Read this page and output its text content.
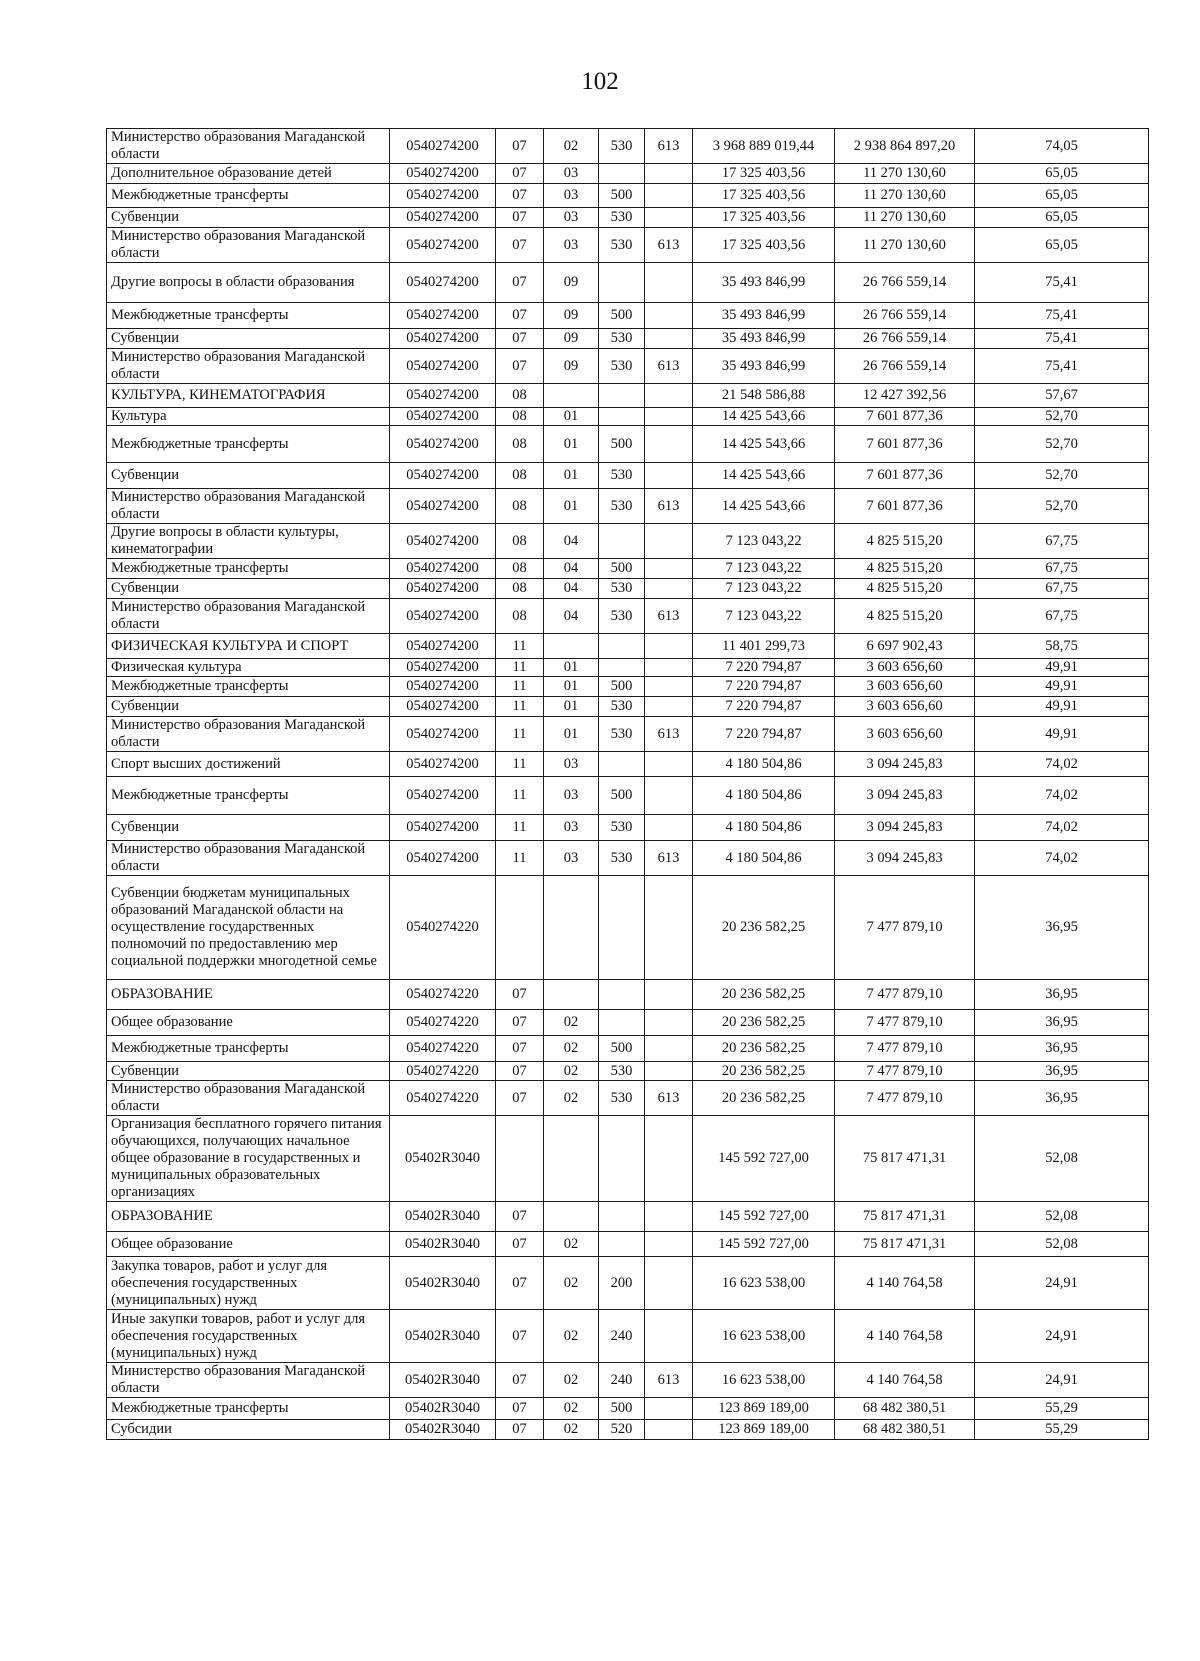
102
Министерство образования Магаданской области	0540274200	07	02	530	613	3 968 889 019,44	2 938 864 897,20	74,05
Дополнительное образование детей	0540274200	07	03			17 325 403,56	11 270 130,60	65,05
Межбюджетные трансферты	0540274200	07	03	500		17 325 403,56	11 270 130,60	65,05
Субвенции	0540274200	07	03	530		17 325 403,56	11 270 130,60	65,05
Министерство образования Магаданской области	0540274200	07	03	530	613	17 325 403,56	11 270 130,60	65,05
Другие вопросы в области образования	0540274200	07	09			35 493 846,99	26 766 559,14	75,41
Межбюджетные трансферты	0540274200	07	09	500		35 493 846,99	26 766 559,14	75,41
Субвенции	0540274200	07	09	530		35 493 846,99	26 766 559,14	75,41
Министерство образования Магаданской области	0540274200	07	09	530	613	35 493 846,99	26 766 559,14	75,41
КУЛЬТУРА, КИНЕМАТОГРАФИЯ	0540274200	08				21 548 586,88	12 427 392,56	57,67
Культура	0540274200	08	01			14 425 543,66	7 601 877,36	52,70
Межбюджетные трансферты	0540274200	08	01	500		14 425 543,66	7 601 877,36	52,70
Субвенции	0540274200	08	01	530		14 425 543,66	7 601 877,36	52,70
Министерство образования Магаданской области	0540274200	08	01	530	613	14 425 543,66	7 601 877,36	52,70
Другие вопросы в области культуры, кинематографии	0540274200	08	04			7 123 043,22	4 825 515,20	67,75
Межбюджетные трансферты	0540274200	08	04	500		7 123 043,22	4 825 515,20	67,75
Субвенции	0540274200	08	04	530		7 123 043,22	4 825 515,20	67,75
Министерство образования Магаданской области	0540274200	08	04	530	613	7 123 043,22	4 825 515,20	67,75
ФИЗИЧЕСКАЯ КУЛЬТУРА И СПОРТ	0540274200	11				11 401 299,73	6 697 902,43	58,75
Физическая культура	0540274200	11	01			7 220 794,87	3 603 656,60	49,91
Межбюджетные трансферты	0540274200	11	01	500		7 220 794,87	3 603 656,60	49,91
Субвенции	0540274200	11	01	530		7 220 794,87	3 603 656,60	49,91
Министерство образования Магаданской области	0540274200	11	01	530	613	7 220 794,87	3 603 656,60	49,91
Спорт высших достижений	0540274200	11	03			4 180 504,86	3 094 245,83	74,02
Межбюджетные трансферты	0540274200	11	03	500		4 180 504,86	3 094 245,83	74,02
Субвенции	0540274200	11	03	530		4 180 504,86	3 094 245,83	74,02
Министерство образования Магаданской области	0540274200	11	03	530	613	4 180 504,86	3 094 245,83	74,02
Субвенции бюджетам муниципальных образований Магаданской области на осуществление государственных полномочий по предоставлению мер социальной поддержки многодетной семье	0540274220					20 236 582,25	7 477 879,10	36,95
ОБРАЗОВАНИЕ	0540274220	07				20 236 582,25	7 477 879,10	36,95
Общее образование	0540274220	07	02			20 236 582,25	7 477 879,10	36,95
Межбюджетные трансферты	0540274220	07	02	500		20 236 582,25	7 477 879,10	36,95
Субвенции	0540274220	07	02	530		20 236 582,25	7 477 879,10	36,95
Министерство образования Магаданской области	0540274220	07	02	530	613	20 236 582,25	7 477 879,10	36,95
Организация бесплатного горячего питания обучающихся, получающих начальное общее образование в государственных и муниципальных образовательных организациях	05402R3040					145 592 727,00	75 817 471,31	52,08
ОБРАЗОВАНИЕ	05402R3040	07				145 592 727,00	75 817 471,31	52,08
Общее образование	05402R3040	07	02			145 592 727,00	75 817 471,31	52,08
Закупка товаров, работ и услуг для обеспечения государственных (муниципальных) нужд	05402R3040	07	02	200		16 623 538,00	4 140 764,58	24,91
Иные закупки товаров, работ и услуг для обеспечения государственных (муниципальных) нужд	05402R3040	07	02	240		16 623 538,00	4 140 764,58	24,91
Министерство образования Магаданской области	05402R3040	07	02	240	613	16 623 538,00	4 140 764,58	24,91
Межбюджетные трансферты	05402R3040	07	02	500		123 869 189,00	68 482 380,51	55,29
Субсидии	05402R3040	07	02	520		123 869 189,00	68 482 380,51	55,29
